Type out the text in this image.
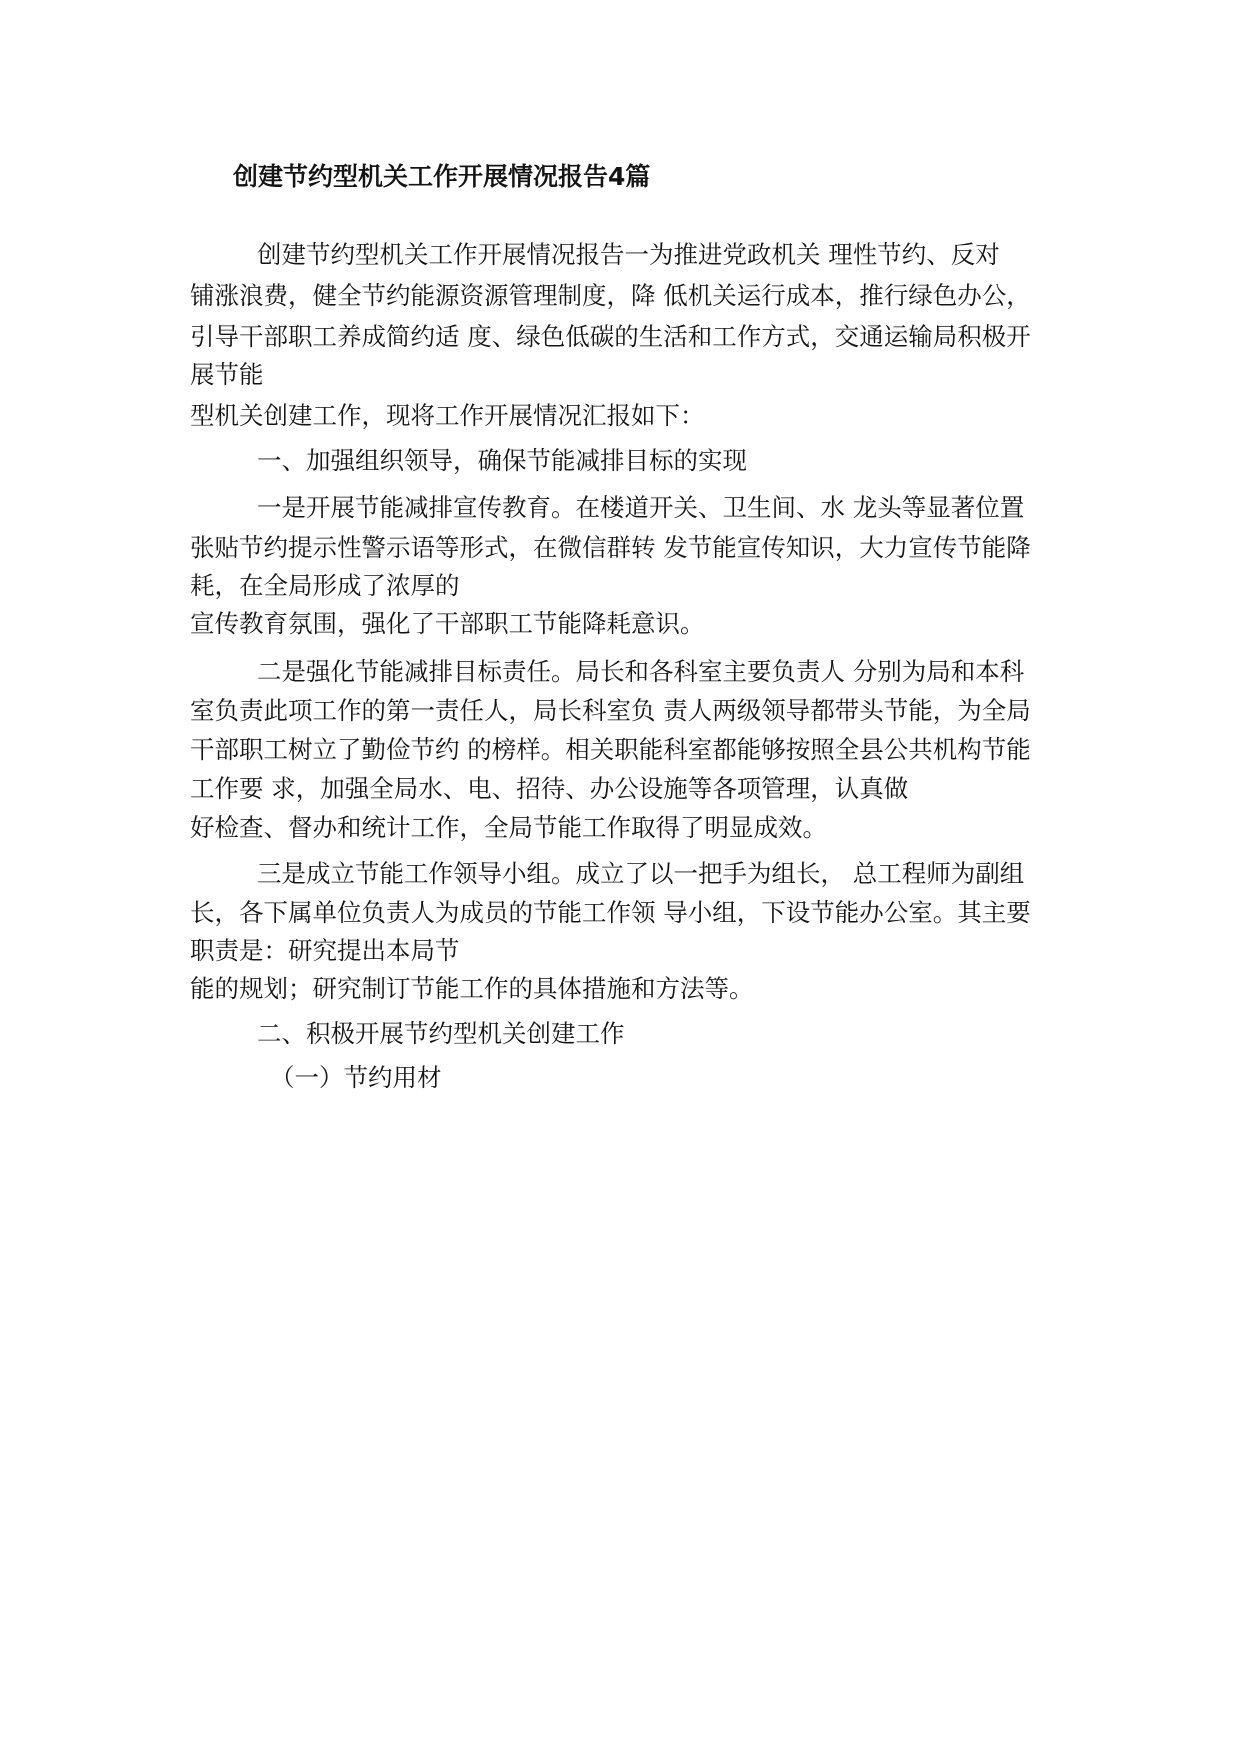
创建节约型机关工作开展情况报告4篇
创建节约型机关工作开展情况报告一为推进党政机关 理性节约、反对
铺涨浪费，健全节约能源资源管理制度，降 低机关运行成本，推行绿色办公，
引导干部职工养成简约适 度、绿色低碳的生活和工作方式，交通运输局积极开
展节能
型机关创建工作，现将工作开展情况汇报如下：
一、加强组织领导，确保节能减排目标的实现
一是开展节能减排宣传教育。在楼道开关、卫生间、水 龙头等显著位置
张贴节约提示性警示语等形式，在微信群转 发节能宣传知识，大力宣传节能降
耗，在全局形成了浓厚的
宣传教育氛围，强化了干部职工节能降耗意识。
二是强化节能减排目标责任。局长和各科室主要负责人 分别为局和本科
室负责此项工作的第一责任人，局长科室负 责人两级领导都带头节能，为全局
干部职工树立了勤俭节约 的榜样。相关职能科室都能够按照全县公共机构节能
工作要 求，加强全局水、电、招待、办公设施等各项管理，认真做
好检查、督办和统计工作，全局节能工作取得了明显成效。
三是成立节能工作领导小组。成立了以一把手为组长， 总工程师为副组
长，各下属单位负责人为成员的节能工作领 导小组，下设节能办公室。其主要
职责是：研究提出本局节
能的规划；研究制订节能工作的具体措施和方法等。
二、积极开展节约型机关创建工作
（一）节约用材
